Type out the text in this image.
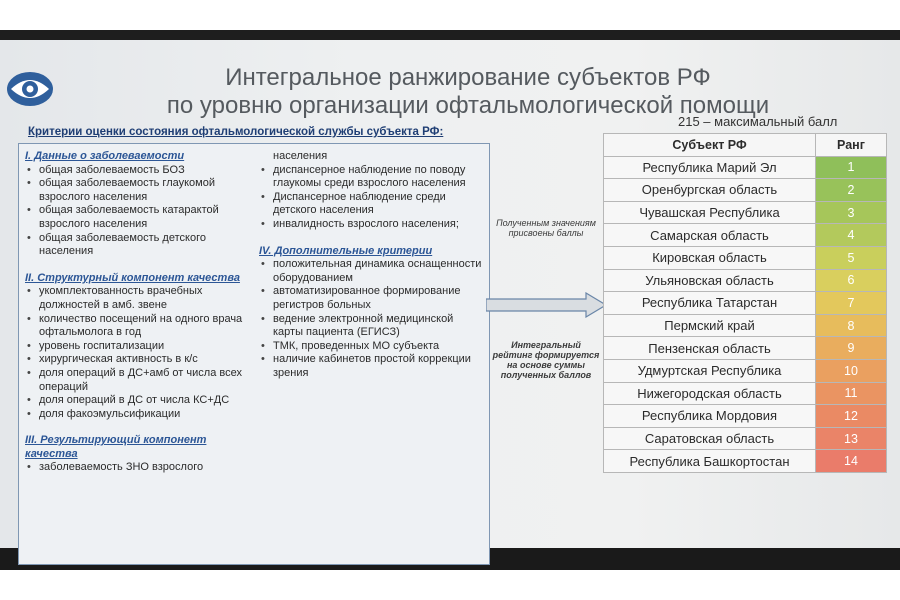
Интегральное ранжирование субъектов РФ
по уровню организации офтальмологической помощи
Критерии оценки состояния офтальмологической службы субъекта РФ:
215 – максимальный балл
I. Данные о заболеваемости
• общая заболеваемость БОЗ
• общая заболеваемость глаукомой взрослого населения
• общая заболеваемость катарактой взрослого населения
• общая заболеваемость детского населения
II. Структурный компонент качества
• укомплектованность врачебных должностей в амб. звене
• количество посещений на одного врача офтальмолога в год
• уровень госпитализации
• хирургическая активность в к/с
• доля операций в ДС+амб от числа всех операций
• доля операций в ДС от числа КС+ДС
• доля факоэмульсификации
III. Результирующий компонент качества
• заболеваемость ЗНО взрослого
населения
• диспансерное наблюдение по поводу глаукомы среди взрослого населения
• Диспансерное наблюдение среди детского населения
• инвалидность взрослого населения;
IV. Дополнительные критерии
• положительная динамика оснащенности оборудованием
• автоматизированное формирование регистров больных
• ведение электронной медицинской карты пациента (ЕГИСЗ)
• ТМК, проведенных МО субъекта
• наличие кабинетов простой коррекции зрения
Полученным значениям присвоены баллы
Интегральный рейтинг формируется на основе суммы полученных баллов
Субъект РФ	Ранг
Республика Марий Эл	1
Оренбургская область	2
Чувашская Республика	3
Самарская область	4
Кировская область	5
Ульяновская область	6
Республика Татарстан	7
Пермский край	8
Пензенская область	9
Удмуртская Республика	10
Нижегородская область	11
Республика Мордовия	12
Саратовская область	13
Республика Башкортостан	14
